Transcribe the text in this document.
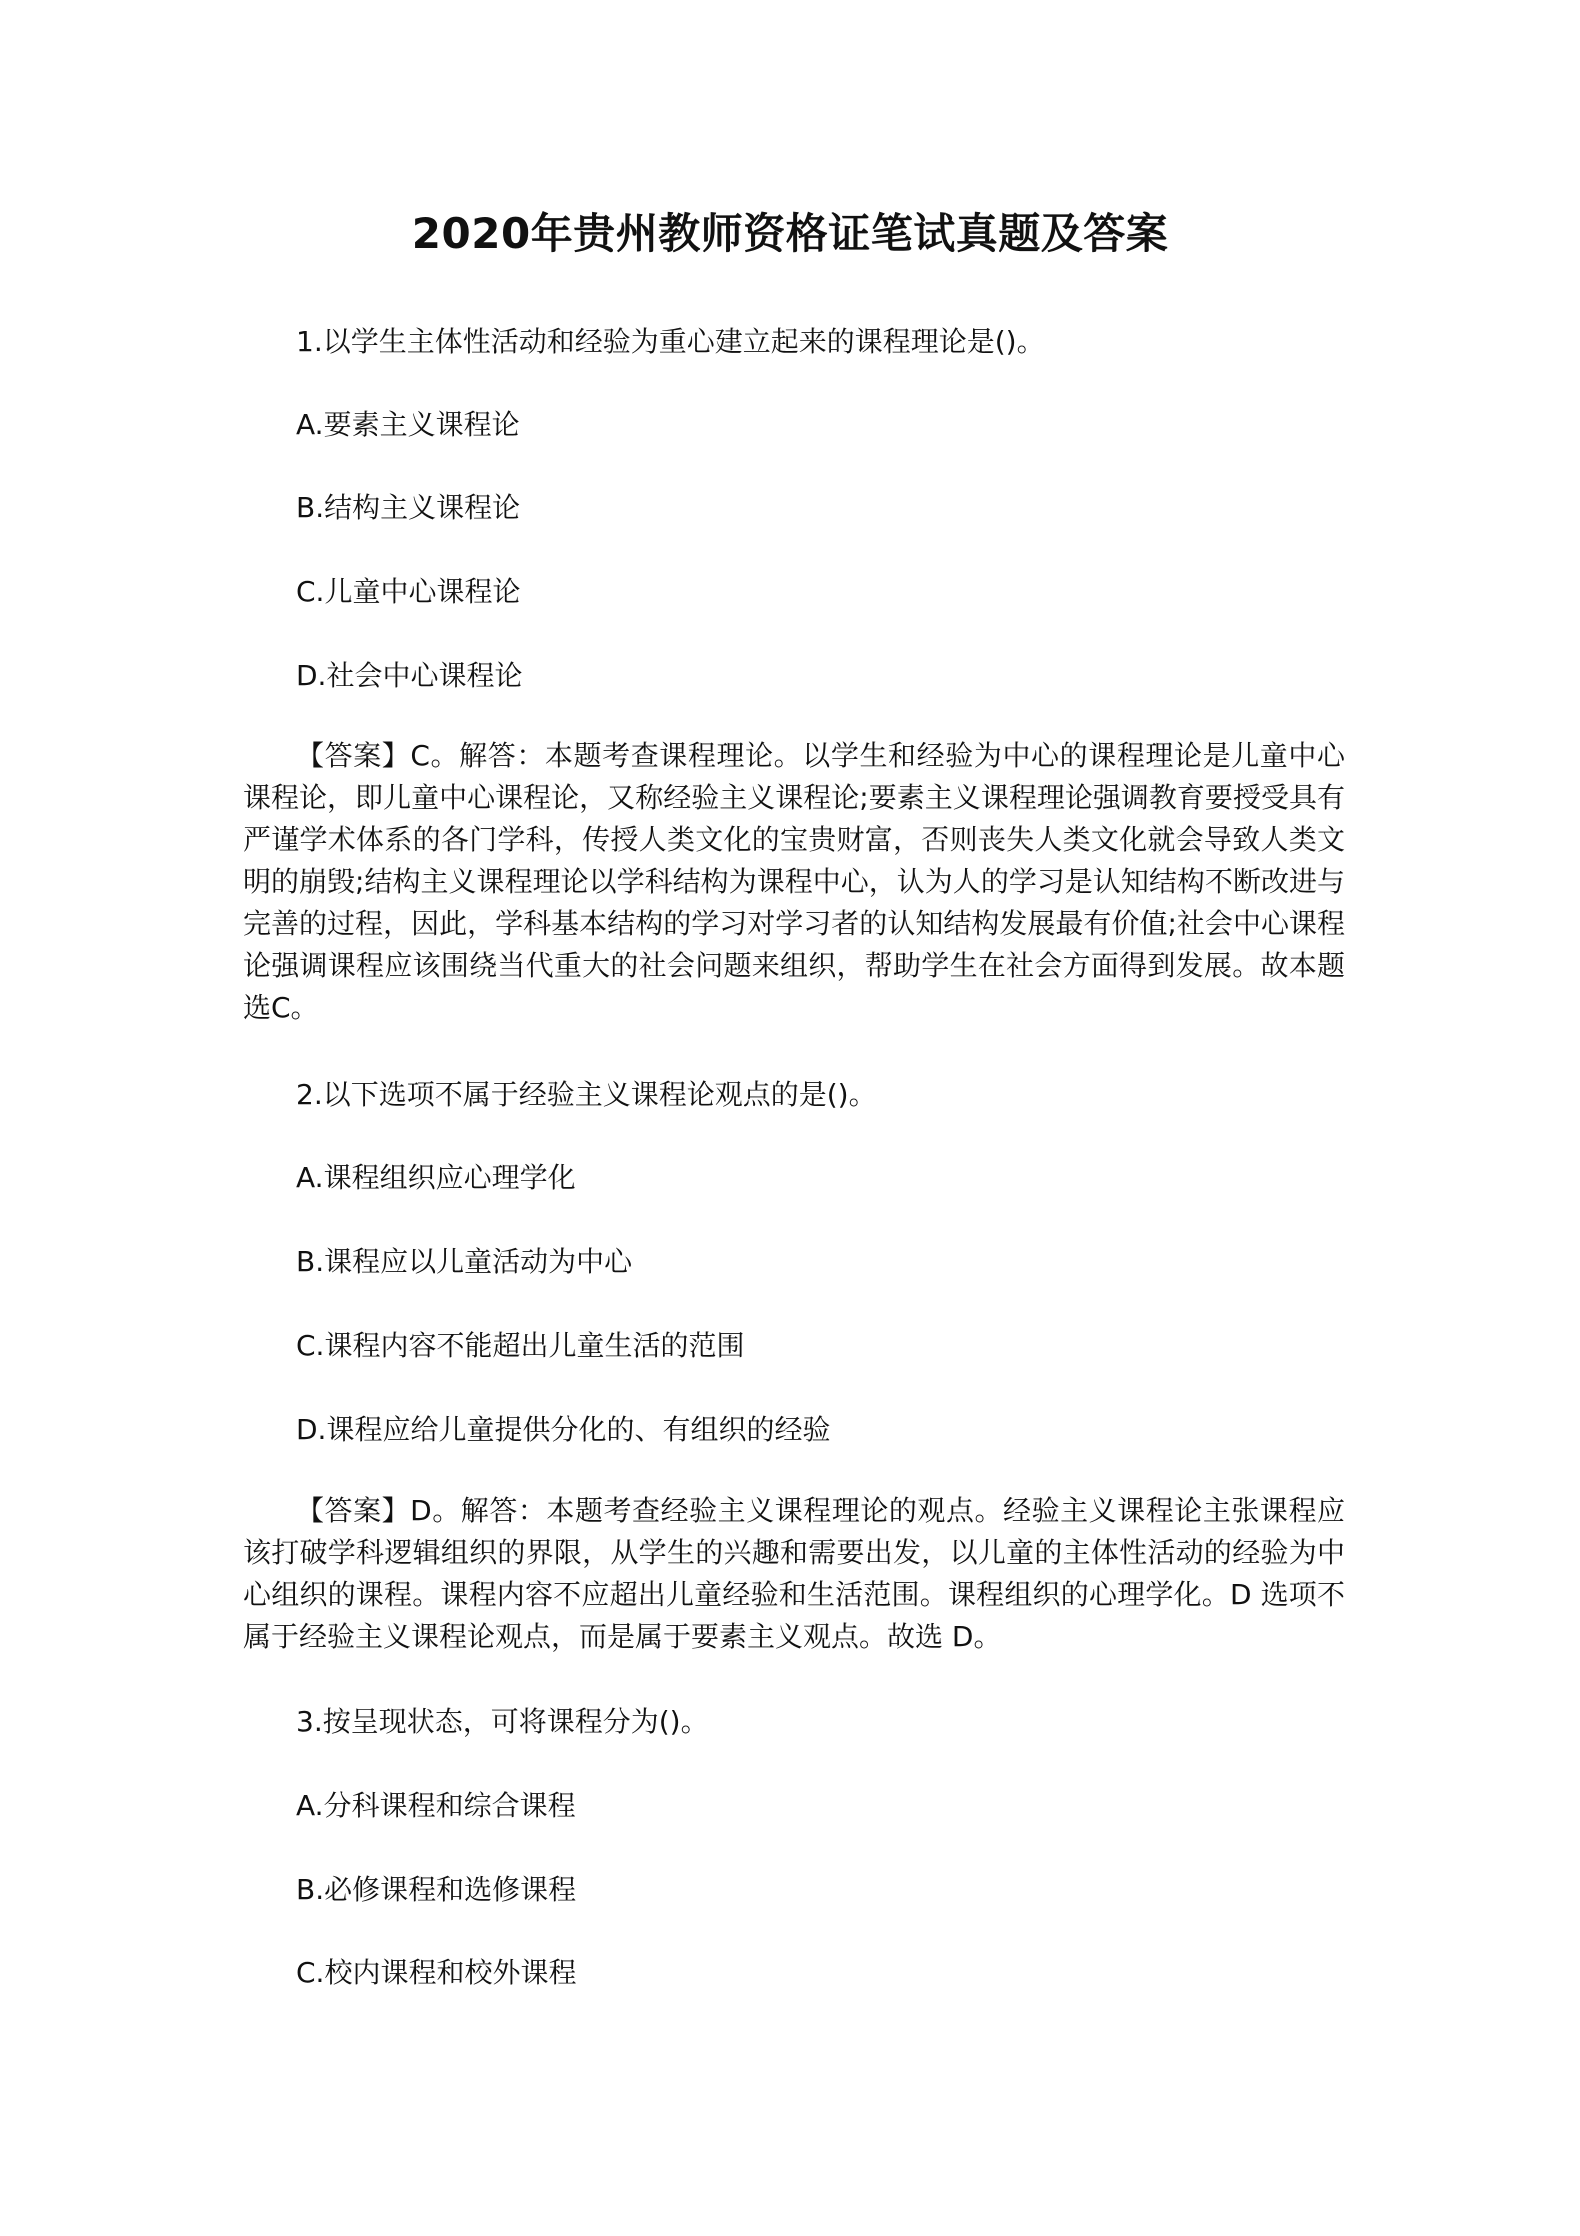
2020年贵州教师资格证笔试真题及答案
1.以学生主体性活动和经验为重心建立起来的课程理论是()。
A.要素主义课程论
B.结构主义课程论
C.儿童中心课程论
D.社会中心课程论
【答案】C。解答：本题考查课程理论。以学生和经验为中心的课程理论是儿童中心课程论，即儿童中心课程论，又称经验主义课程论;要素主义课程理论强调教育要授受具有严谨学术体系的各门学科，传授人类文化的宝贵财富，否则丧失人类文化就会导致人类文明的崩毁;结构主义课程理论以学科结构为课程中心，认为人的学习是认知结构不断改进与完善的过程，因此，学科基本结构的学习对学习者的认知结构发展最有价值;社会中心课程论强调课程应该围绕当代重大的社会问题来组织，帮助学生在社会方面得到发展。故本题选C。
2.以下选项不属于经验主义课程论观点的是()。
A.课程组织应心理学化
B.课程应以儿童活动为中心
C.课程内容不能超出儿童生活的范围
D.课程应给儿童提供分化的、有组织的经验
【答案】D。解答：本题考查经验主义课程理论的观点。经验主义课程论主张课程应该打破学科逻辑组织的界限，从学生的兴趣和需要出发，以儿童的主体性活动的经验为中心组织的课程。课程内容不应超出儿童经验和生活范围。课程组织的心理学化。D 选项不属于经验主义课程论观点，而是属于要素主义观点。故选 D。
3.按呈现状态，可将课程分为()。
A.分科课程和综合课程
B.必修课程和选修课程
C.校内课程和校外课程
